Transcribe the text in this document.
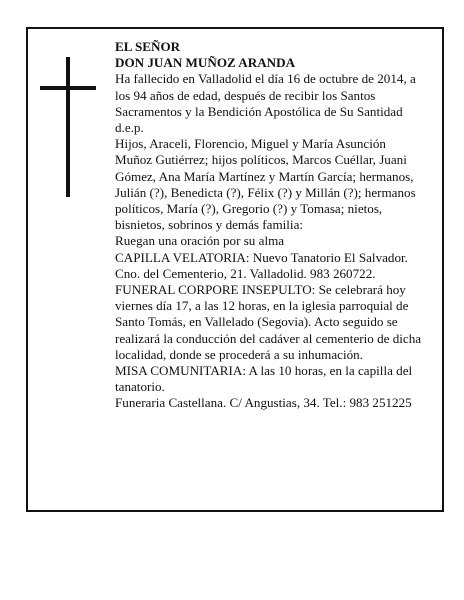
EL SEÑOR

DON JUAN MUÑOZ ARANDA

Ha fallecido en Valladolid el día 16 de octubre de 2014, a los 94 años de edad, después de recibir los Santos Sacramentos y la Bendición Apostólica de Su Santidad

d.e.p.

Hijos, Araceli, Florencio, Miguel y María Asunción Muñoz Gutiérrez; hijos políticos, Marcos Cuéllar, Juani Gómez, Ana María Martínez y Martín García; hermanos, Julián (?), Benedicta (?), Félix (?) y Millán (?); hermanos políticos, María (?), Gregorio (?) y Tomasa; nietos, bisnietos, sobrinos y demás familia:

Ruegan una oración por su alma

CAPILLA VELATORIA: Nuevo Tanatorio El Salvador. Cno. del Cementerio, 21. Valladolid. 983 260722.

FUNERAL CORPORE INSEPULTO: Se celebrará hoy viernes día 17, a las 12 horas, en la iglesia parroquial de Santo Tomás, en Vallelado (Segovia). Acto seguido se realizará la conducción del cadáver al cementerio de dicha localidad, donde se procederá a su inhumación.

MISA COMUNITARIA: A las 10 horas, en la capilla del tanatorio.

Funeraria Castellana. C/ Angustias, 34. Tel.: 983 251225
